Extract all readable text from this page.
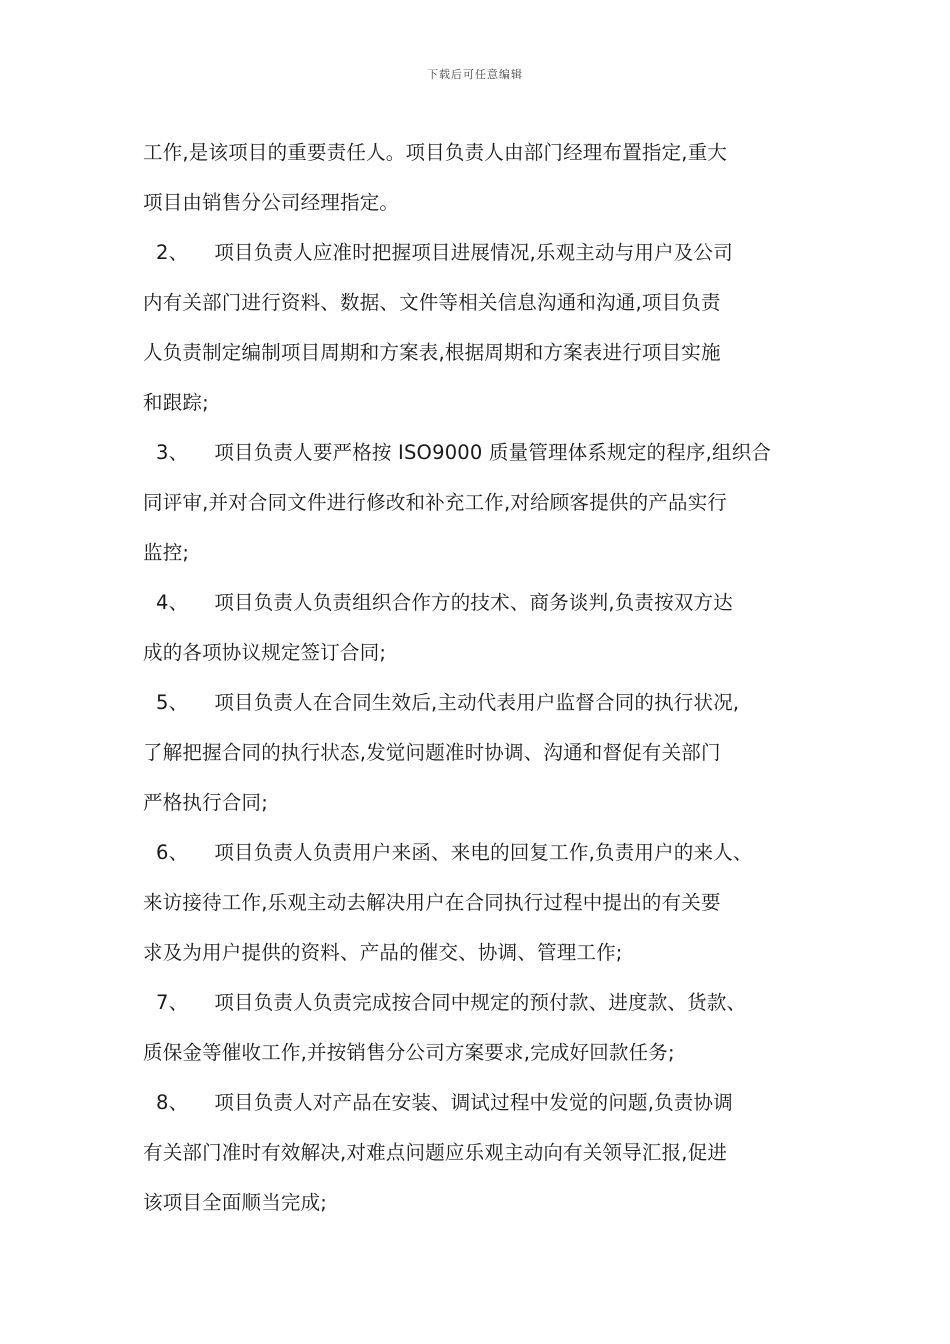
下载后可任意编辑
工作,是该项目的重要责任人。项目负责人由部门经理布置指定,重大
项目由销售分公司经理指定。
2、 项目负责人应准时把握项目进展情况,乐观主动与用户及公司
内有关部门进行资料、数据、文件等相关信息沟通和沟通,项目负责
人负责制定编制项目周期和方案表,根据周期和方案表进行项目实施
和跟踪;
3、 项目负责人要严格按 ISO9000 质量管理体系规定的程序,组织合
同评审,并对合同文件进行修改和补充工作,对给顾客提供的产品实行
监控;
4、 项目负责人负责组织合作方的技术、商务谈判,负责按双方达
成的各项协议规定签订合同;
5、 项目负责人在合同生效后,主动代表用户监督合同的执行状况,
了解把握合同的执行状态,发觉问题准时协调、沟通和督促有关部门
严格执行合同;
6、 项目负责人负责用户来函、来电的回复工作,负责用户的来人、
来访接待工作,乐观主动去解决用户在合同执行过程中提出的有关要
求及为用户提供的资料、产品的催交、协调、管理工作;
7、 项目负责人负责完成按合同中规定的预付款、进度款、货款、
质保金等催收工作,并按销售分公司方案要求,完成好回款任务;
8、 项目负责人对产品在安装、调试过程中发觉的问题,负责协调
有关部门准时有效解决,对难点问题应乐观主动向有关领导汇报,促进
该项目全面顺当完成;
